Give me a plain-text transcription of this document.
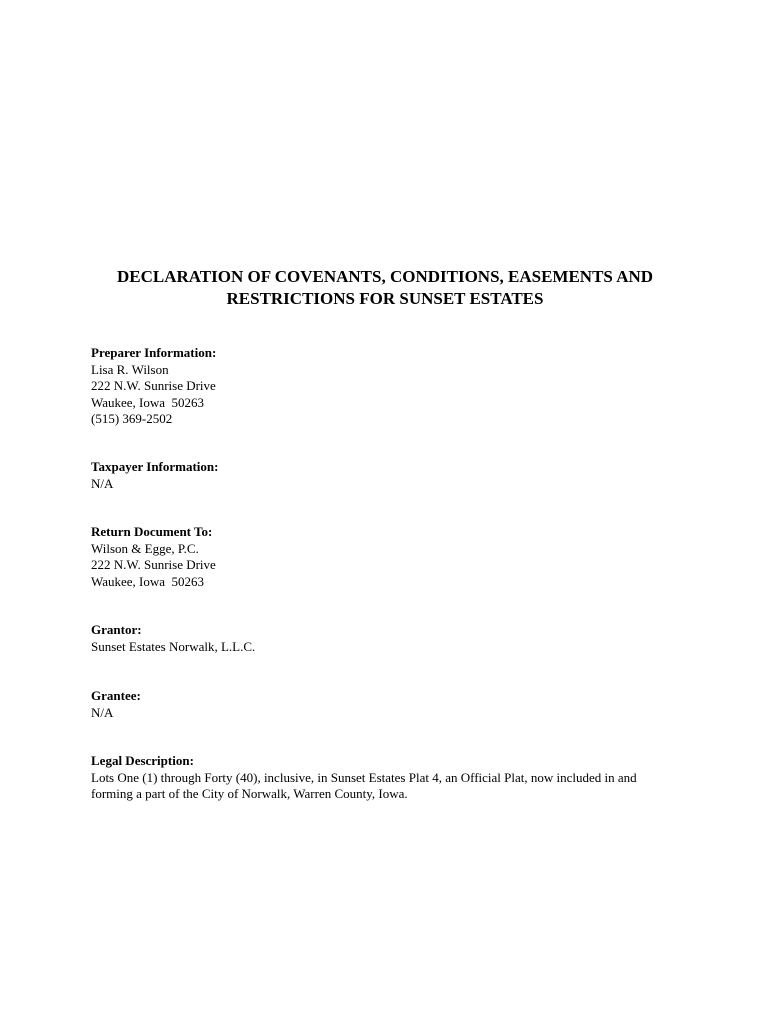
DECLARATION OF COVENANTS, CONDITIONS, EASEMENTS AND
RESTRICTIONS FOR SUNSET ESTATES
Preparer Information:
Lisa R. Wilson
222 N.W. Sunrise Drive
Waukee, Iowa  50263
(515) 369-2502
Taxpayer Information:
N/A
Return Document To:
Wilson & Egge, P.C.
222 N.W. Sunrise Drive
Waukee, Iowa  50263
Grantor:
Sunset Estates Norwalk, L.L.C.
Grantee:
N/A
Legal Description:
Lots One (1) through Forty (40), inclusive, in Sunset Estates Plat 4, an Official Plat, now included in and forming a part of the City of Norwalk, Warren County, Iowa.
